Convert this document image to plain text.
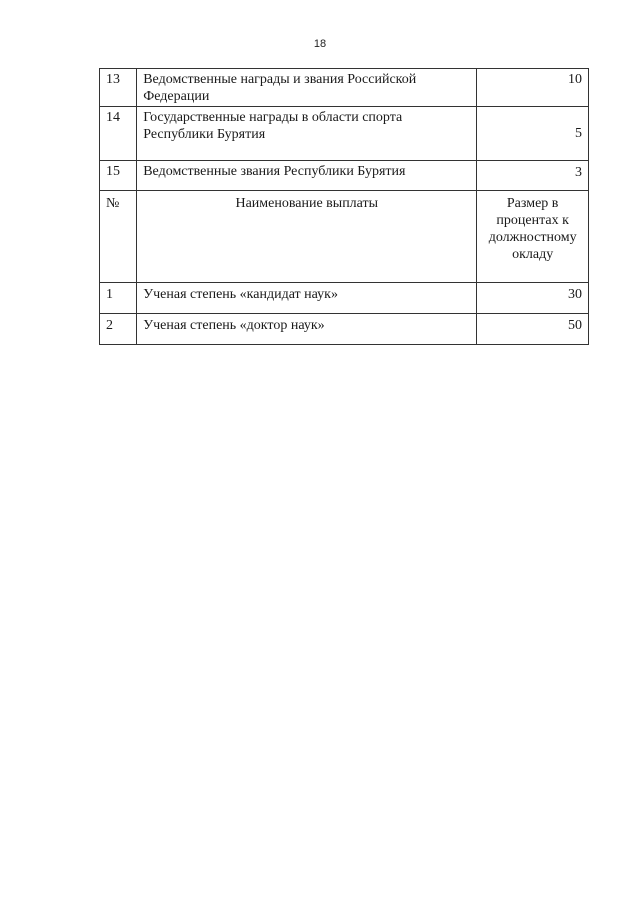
18
13	Ведомственные награды и звания Российской Федерации	10
14	Государственные награды в области спорта Республики Бурятия	5
15	Ведомственные звания Республики Бурятия	3
№	Наименование выплаты	Размер в процентах к должностному окладу
1	Ученая степень «кандидат наук»	30
2	Ученая степень «доктор наук»	50
